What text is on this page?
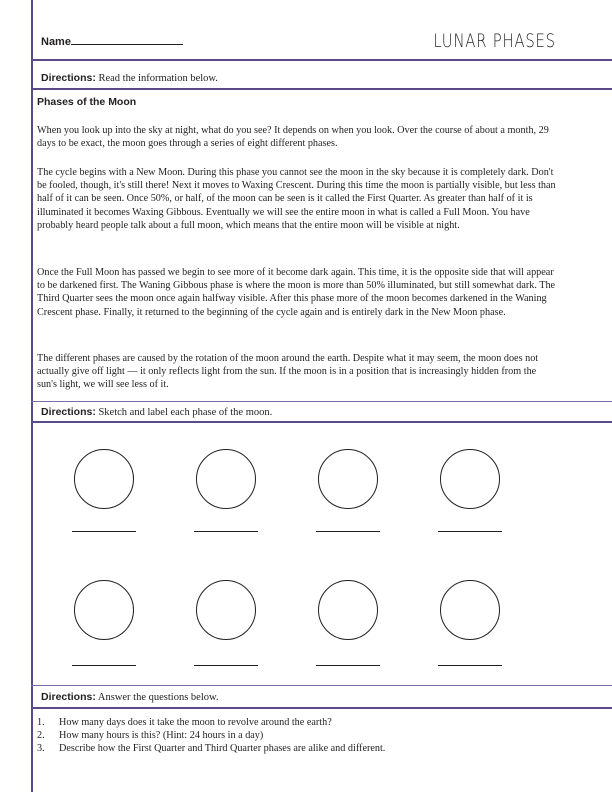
Name	LUNAR PHASES
Directions: Read the information below.
Phases of the Moon

When you look up into the sky at night, what do you see? It depends on when you look. Over the course of about a month, 29 days to be exact, the moon goes through a series of eight different phases.

The cycle begins with a New Moon. During this phase you cannot see the moon in the sky because it is completely dark. Don't be fooled, though, it's still there! Next it moves to Waxing Crescent. During this time the moon is partially visible, but less than half of it can be seen. Once 50%, or half, of the moon can be seen is it called the First Quarter. As greater than half of it is illuminated it becomes Waxing Gibbous. Eventually we will see the entire moon in what is called a Full Moon. You have probably heard people talk about a full moon, which means that the entire moon will be visible at night.

Once the Full Moon has passed we begin to see more of it become dark again. This time, it is the opposite side that will appear to be darkened first. The Waning Gibbous phase is where the moon is more than 50% illuminated, but still somewhat dark. The Third Quarter sees the moon once again halfway visible. After this phase more of the moon becomes darkened in the Waning Crescent phase. Finally, it returned to the beginning of the cycle again and is entirely dark in the New Moon phase.

The different phases are caused by the rotation of the moon around the earth. Despite what it may seem, the moon does not actually give off light — it only reflects light from the sun. If the moon is in a position that is increasingly hidden from the sun's light, we will see less of it.

Directions: Sketch and label each phase of the moon.
Directions: Answer the questions below.
1. How many days does it take the moon to revolve around the earth?
2. How many hours is this? (Hint: 24 hours in a day)
3. Describe how the First Quarter and Third Quarter phases are alike and different.
